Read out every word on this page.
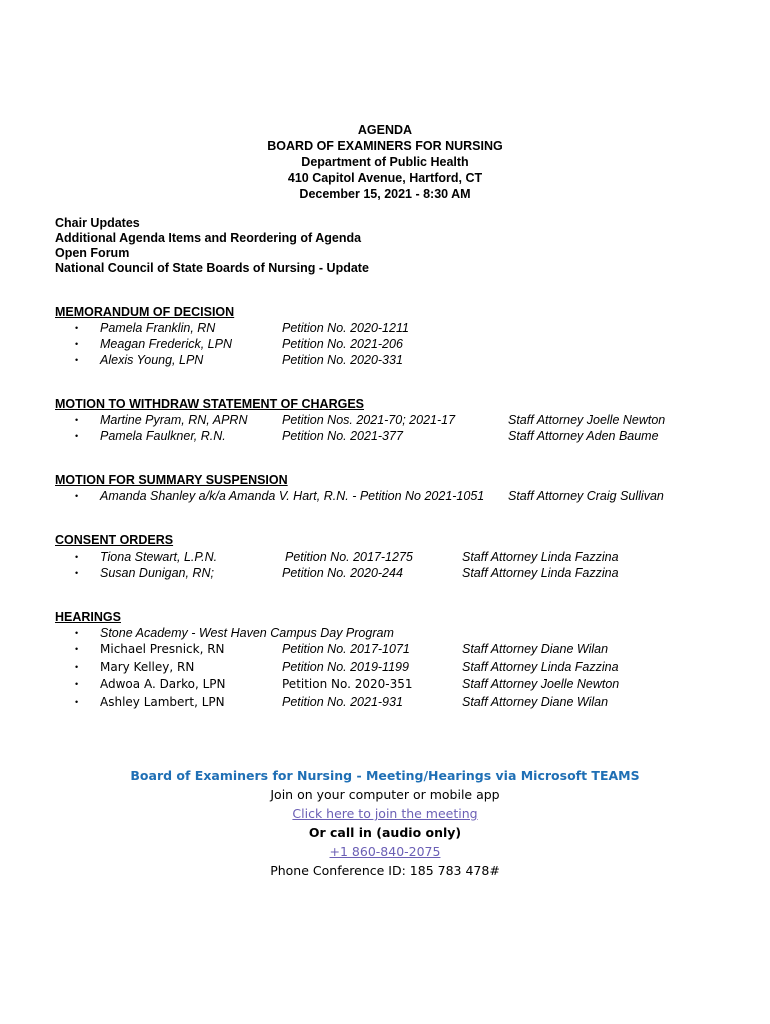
AGENDA
BOARD OF EXAMINERS FOR NURSING
Department of Public Health
410 Capitol Avenue, Hartford, CT
December 15, 2021 - 8:30 AM
Chair Updates
Additional Agenda Items and Reordering of Agenda
Open Forum
National Council of State Boards of Nursing - Update
MEMORANDUM OF DECISION
• Pamela Franklin, RN	Petition No. 2020-1211
• Meagan Frederick, LPN	Petition No. 2021-206
• Alexis Young, LPN	Petition No. 2020-331
MOTION TO WITHDRAW STATEMENT OF CHARGES
• Martine Pyram, RN, APRN	Petition Nos. 2021-70; 2021-17	Staff Attorney Joelle Newton
• Pamela Faulkner, R.N.	Petition No. 2021-377	Staff Attorney Aden Baume
MOTION FOR SUMMARY SUSPENSION
• Amanda Shanley a/k/a Amanda V. Hart, R.N. - Petition No 2021-1051 Staff Attorney Craig Sullivan
CONSENT ORDERS
• Tiona Stewart, L.P.N.	Petition No. 2017-1275	Staff Attorney Linda Fazzina
• Susan Dunigan, RN;	Petition No. 2020-244	Staff Attorney Linda Fazzina
HEARINGS
• Stone Academy - West Haven Campus Day Program
• Michael Presnick, RN	Petition No. 2017-1071	Staff Attorney Diane Wilan
• Mary Kelley, RN	Petition No. 2019-1199	Staff Attorney Linda Fazzina
• Adwoa A. Darko, LPN	Petition No. 2020-351	Staff Attorney Joelle Newton
• Ashley Lambert, LPN	Petition No. 2021-931	Staff Attorney Diane Wilan
Board of Examiners for Nursing - Meeting/Hearings via Microsoft TEAMS
Join on your computer or mobile app
Click here to join the meeting
Or call in (audio only)
+1 860-840-2075
Phone Conference ID: 185 783 478#
